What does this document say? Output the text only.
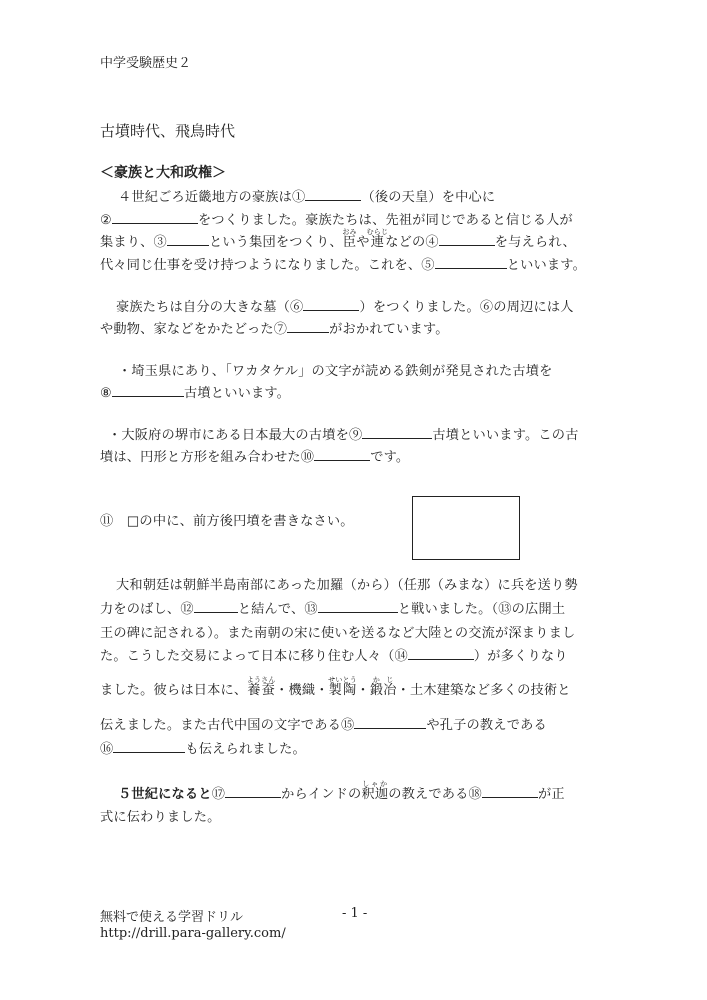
中学受験歴史２
古墳時代、飛鳥時代
＜豪族と大和政権＞
４世紀ごろ近畿地方の豪族は①	（後の天皇）を中心に
②	をつくりました。豪族たちは、先祖が同じであると信じる人が
集まり、③	という集団をつくり、臣おみや連むらじなどの④	を与えられ、
代々同じ仕事を受け持つようになりました。これを、⑤	といいます。
豪族たちは自分の大きな墓（⑥	）をつくりました。⑥の周辺には人
や動物、家などをかたどった⑦	がおかれています。
・埼玉県にあり、「ワカタケル」の文字が読める鉄剣が発見された古墳を
⑧	古墳といいます。
・大阪府の堺市にある日本最大の古墳を⑨	古墳といいます。この古
墳は、円形と方形を組み合わせた⑩	です。
⑪　□の中に、前方後円墳を書きなさい。
大和朝廷は朝鮮半島南部にあった加羅（から）（任那（みまな）に兵を送り勢
力をのばし、⑫	と結んで、⑬	と戦いました。（⑬の広開土
王の碑に記される）。また南朝の宋に使いを送るなど大陸との交流が深まりまし
た。こうした交易によって日本に移り住む人々（⑭	）が多くりなり
ました。彼らは日本に、養蚕ようさん・機織・製陶せいとう・鍛冶かじ・土木建築など多くの技術と
伝えました。また古代中国の文字である⑮	や孔子の教えである
⑯	も伝えられました。
５世紀になると⑰	からインドの釈迦しゃかの教えである⑱	が正
式に伝わりました。
無料で使える学習ドリル	- 1 -
http://drill.para-gallery.com/
